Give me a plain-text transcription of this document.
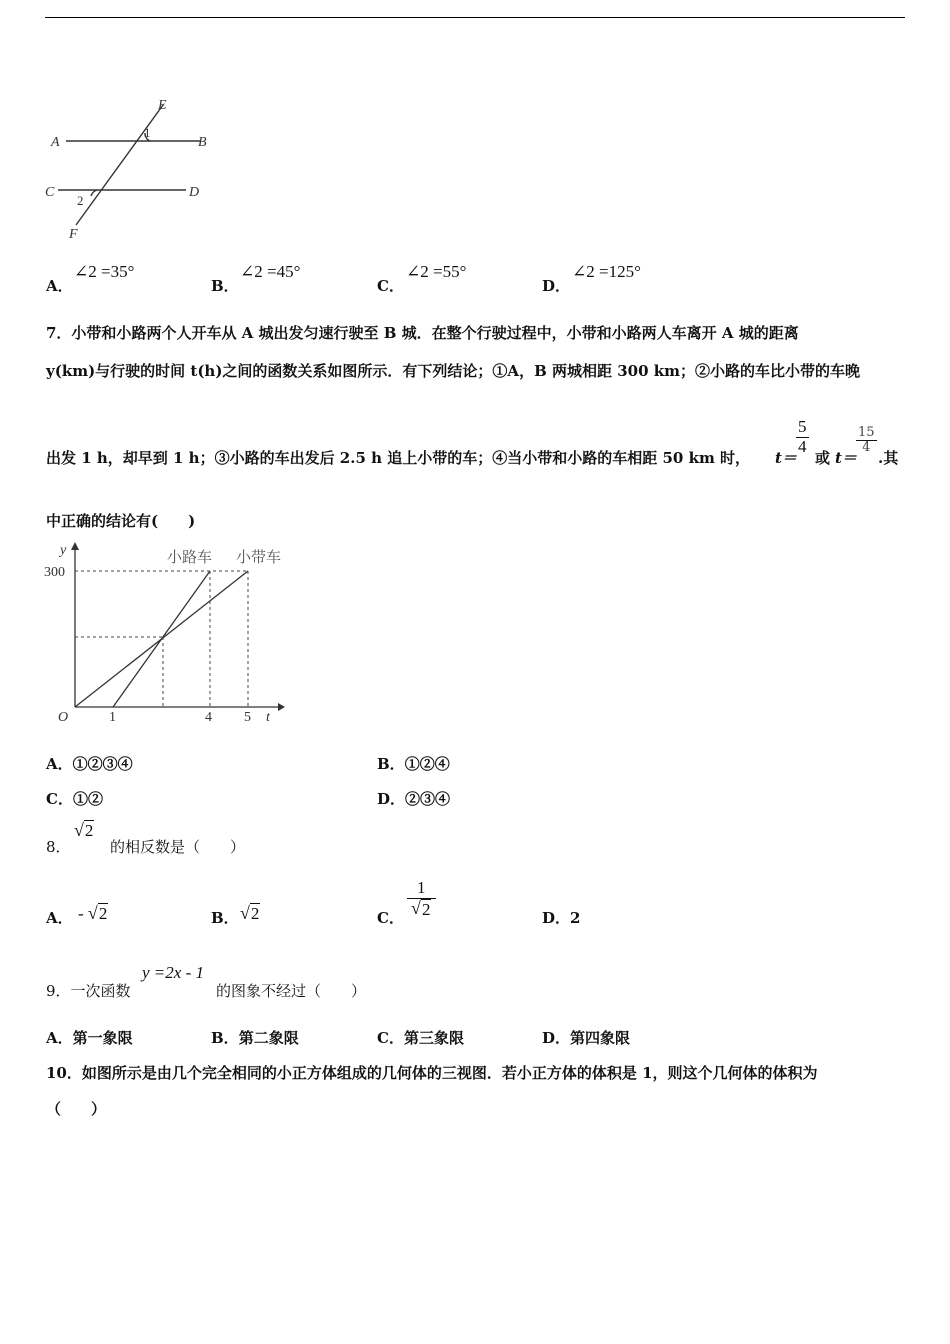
E
A	B
C	D
F
1
2
A．
∠2 =35°
B．
∠2 =45°
C．
∠2 =55°
D．
∠2 =125°
7．小带和小路两个人开车从 A 城出发匀速行驶至 B 城．在整个行驶过程中，小带和小路两人车离开 A 城的距离
y(km)与行驶的时间 t(h)之间的函数关系如图所示．有下列结论；①A，B 两城相距 300 km；②小路的车比小带的车晚
出发 1 h，却早到 1 h；③小路的车出发后 2.5 h 追上小带的车；④当小带和小路的车相距 50 km 时， t＝
$\frac{5}{4}$
或 t＝
$\frac{15}{4}$
.其
中正确的结论有(　　)
y
t
O
300
1	4 5
小路车 小带车
A．①②③④	B．①②④
C．①②	D．②③④
8．
√ 2
的相反数是（　　）
A． - √ 2	B． √ 2	C． $\frac{1}{√ 2}$	D．2
9．一次函数
y =2x - 1
的图象不经过（　　）
A．第一象限	B．第二象限	C．第三象限	D．第四象限
10．如图所示是由几个完全相同的小正方体组成的几何体的三视图．若小正方体的体积是 1，则这个几何体的体积为
（　　）
